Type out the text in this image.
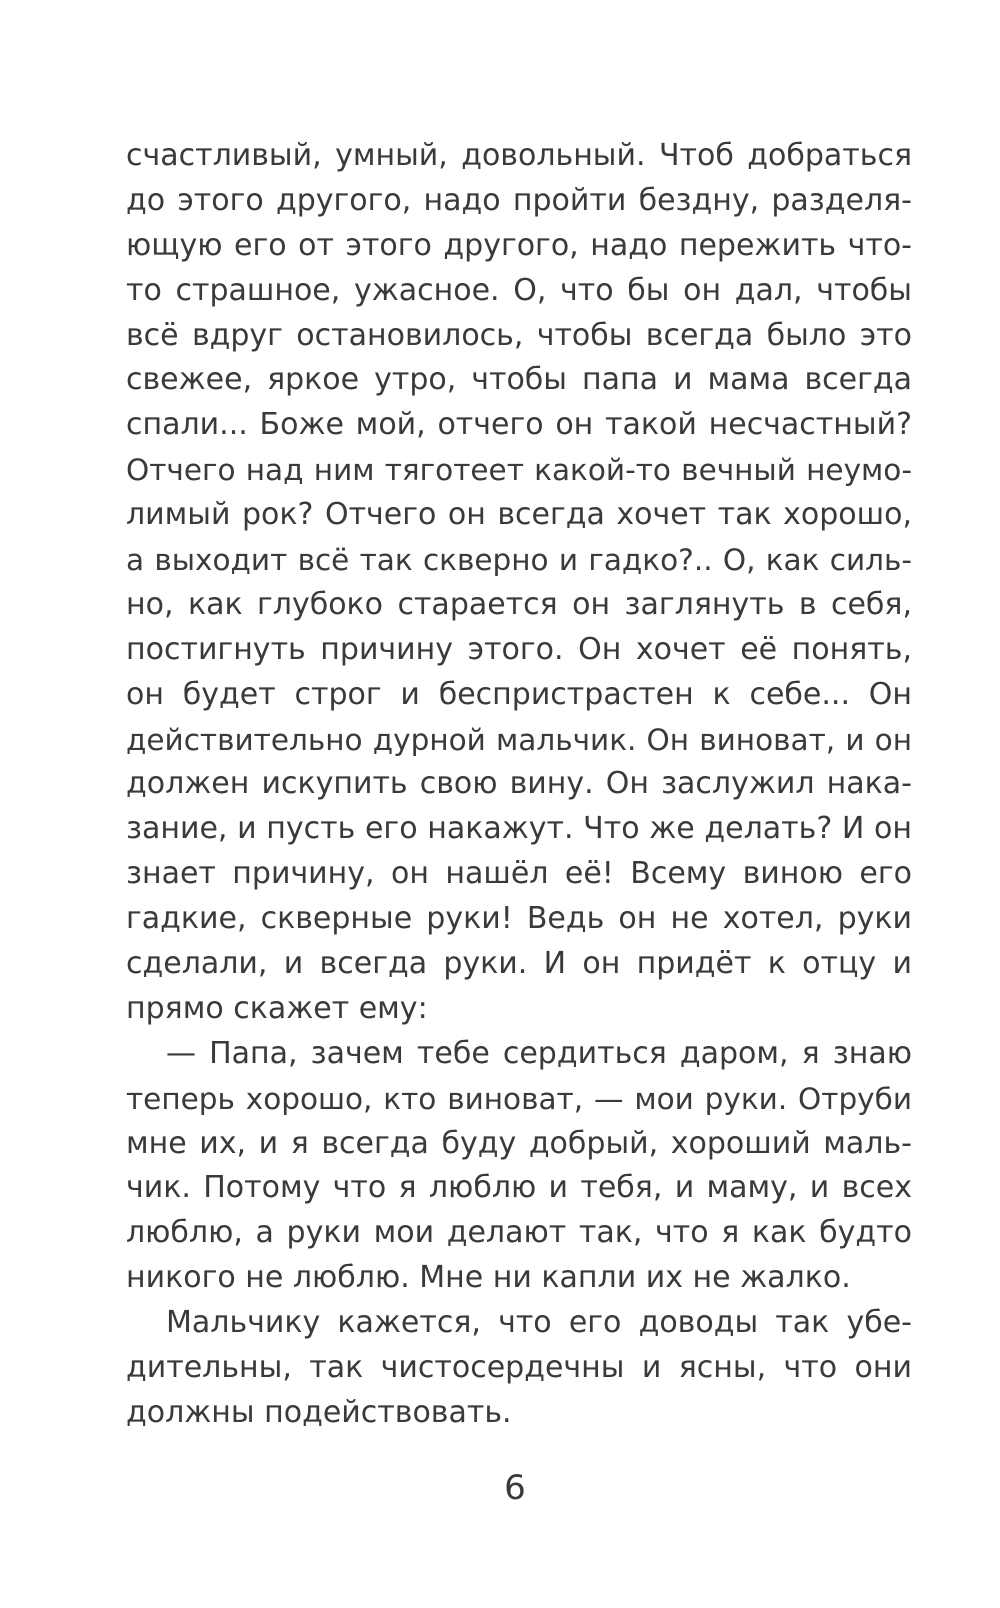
счастливый, умный, довольный. Чтоб добраться
до этого другого, надо пройти бездну, разделя-
ющую его от этого другого, надо пережить что-
то страшное, ужасное. О, что бы он дал, чтобы
всё вдруг остановилось, чтобы всегда было это
свежее, яркое утро, чтобы папа и мама всегда
спали... Боже мой, отчего он такой несчастный?
Отчего над ним тяготеет какой-то вечный неумо-
лимый рок? Отчего он всегда хочет так хорошо,
а выходит всё так скверно и гадко?.. О, как силь-
но, как глубоко старается он заглянуть в себя,
постигнуть причину этого. Он хочет её понять,
он будет строг и беспристрастен к себе... Он
действительно дурной мальчик. Он виноват, и он
должен искупить свою вину. Он заслужил нака-
зание, и пусть его накажут. Что же делать? И он
знает причину, он нашёл её! Всему виною его
гадкие, скверные руки! Ведь он не хотел, руки
сделали, и всегда руки. И он придёт к отцу и
прямо скажет ему:
— Папа, зачем тебе сердиться даром, я знаю
теперь хорошо, кто виноват, — мои руки. Отруби
мне их, и я всегда буду добрый, хороший маль-
чик. Потому что я люблю и тебя, и маму, и всех
люблю, а руки мои делают так, что я как будто
никого не люблю. Мне ни капли их не жалко.
Мальчику кажется, что его доводы так убе-
дительны, так чистосердечны и ясны, что они
должны подействовать.
6
